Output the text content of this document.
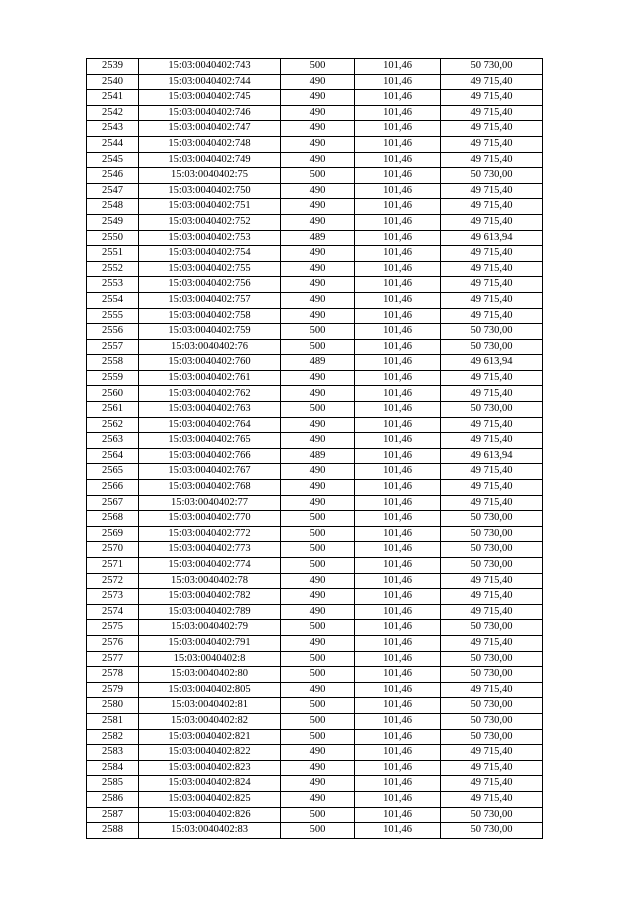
2539	15:03:0040402:743	500	101,46	50 730,00
2540	15:03:0040402:744	490	101,46	49 715,40
2541	15:03:0040402:745	490	101,46	49 715,40
2542	15:03:0040402:746	490	101,46	49 715,40
2543	15:03:0040402:747	490	101,46	49 715,40
2544	15:03:0040402:748	490	101,46	49 715,40
2545	15:03:0040402:749	490	101,46	49 715,40
2546	15:03:0040402:75	500	101,46	50 730,00
2547	15:03:0040402:750	490	101,46	49 715,40
2548	15:03:0040402:751	490	101,46	49 715,40
2549	15:03:0040402:752	490	101,46	49 715,40
2550	15:03:0040402:753	489	101,46	49 613,94
2551	15:03:0040402:754	490	101,46	49 715,40
2552	15:03:0040402:755	490	101,46	49 715,40
2553	15:03:0040402:756	490	101,46	49 715,40
2554	15:03:0040402:757	490	101,46	49 715,40
2555	15:03:0040402:758	490	101,46	49 715,40
2556	15:03:0040402:759	500	101,46	50 730,00
2557	15:03:0040402:76	500	101,46	50 730,00
2558	15:03:0040402:760	489	101,46	49 613,94
2559	15:03:0040402:761	490	101,46	49 715,40
2560	15:03:0040402:762	490	101,46	49 715,40
2561	15:03:0040402:763	500	101,46	50 730,00
2562	15:03:0040402:764	490	101,46	49 715,40
2563	15:03:0040402:765	490	101,46	49 715,40
2564	15:03:0040402:766	489	101,46	49 613,94
2565	15:03:0040402:767	490	101,46	49 715,40
2566	15:03:0040402:768	490	101,46	49 715,40
2567	15:03:0040402:77	490	101,46	49 715,40
2568	15:03:0040402:770	500	101,46	50 730,00
2569	15:03:0040402:772	500	101,46	50 730,00
2570	15:03:0040402:773	500	101,46	50 730,00
2571	15:03:0040402:774	500	101,46	50 730,00
2572	15:03:0040402:78	490	101,46	49 715,40
2573	15:03:0040402:782	490	101,46	49 715,40
2574	15:03:0040402:789	490	101,46	49 715,40
2575	15:03:0040402:79	500	101,46	50 730,00
2576	15:03:0040402:791	490	101,46	49 715,40
2577	15:03:0040402:8	500	101,46	50 730,00
2578	15:03:0040402:80	500	101,46	50 730,00
2579	15:03:0040402:805	490	101,46	49 715,40
2580	15:03:0040402:81	500	101,46	50 730,00
2581	15:03:0040402:82	500	101,46	50 730,00
2582	15:03:0040402:821	500	101,46	50 730,00
2583	15:03:0040402:822	490	101,46	49 715,40
2584	15:03:0040402:823	490	101,46	49 715,40
2585	15:03:0040402:824	490	101,46	49 715,40
2586	15:03:0040402:825	490	101,46	49 715,40
2587	15:03:0040402:826	500	101,46	50 730,00
2588	15:03:0040402:83	500	101,46	50 730,00
